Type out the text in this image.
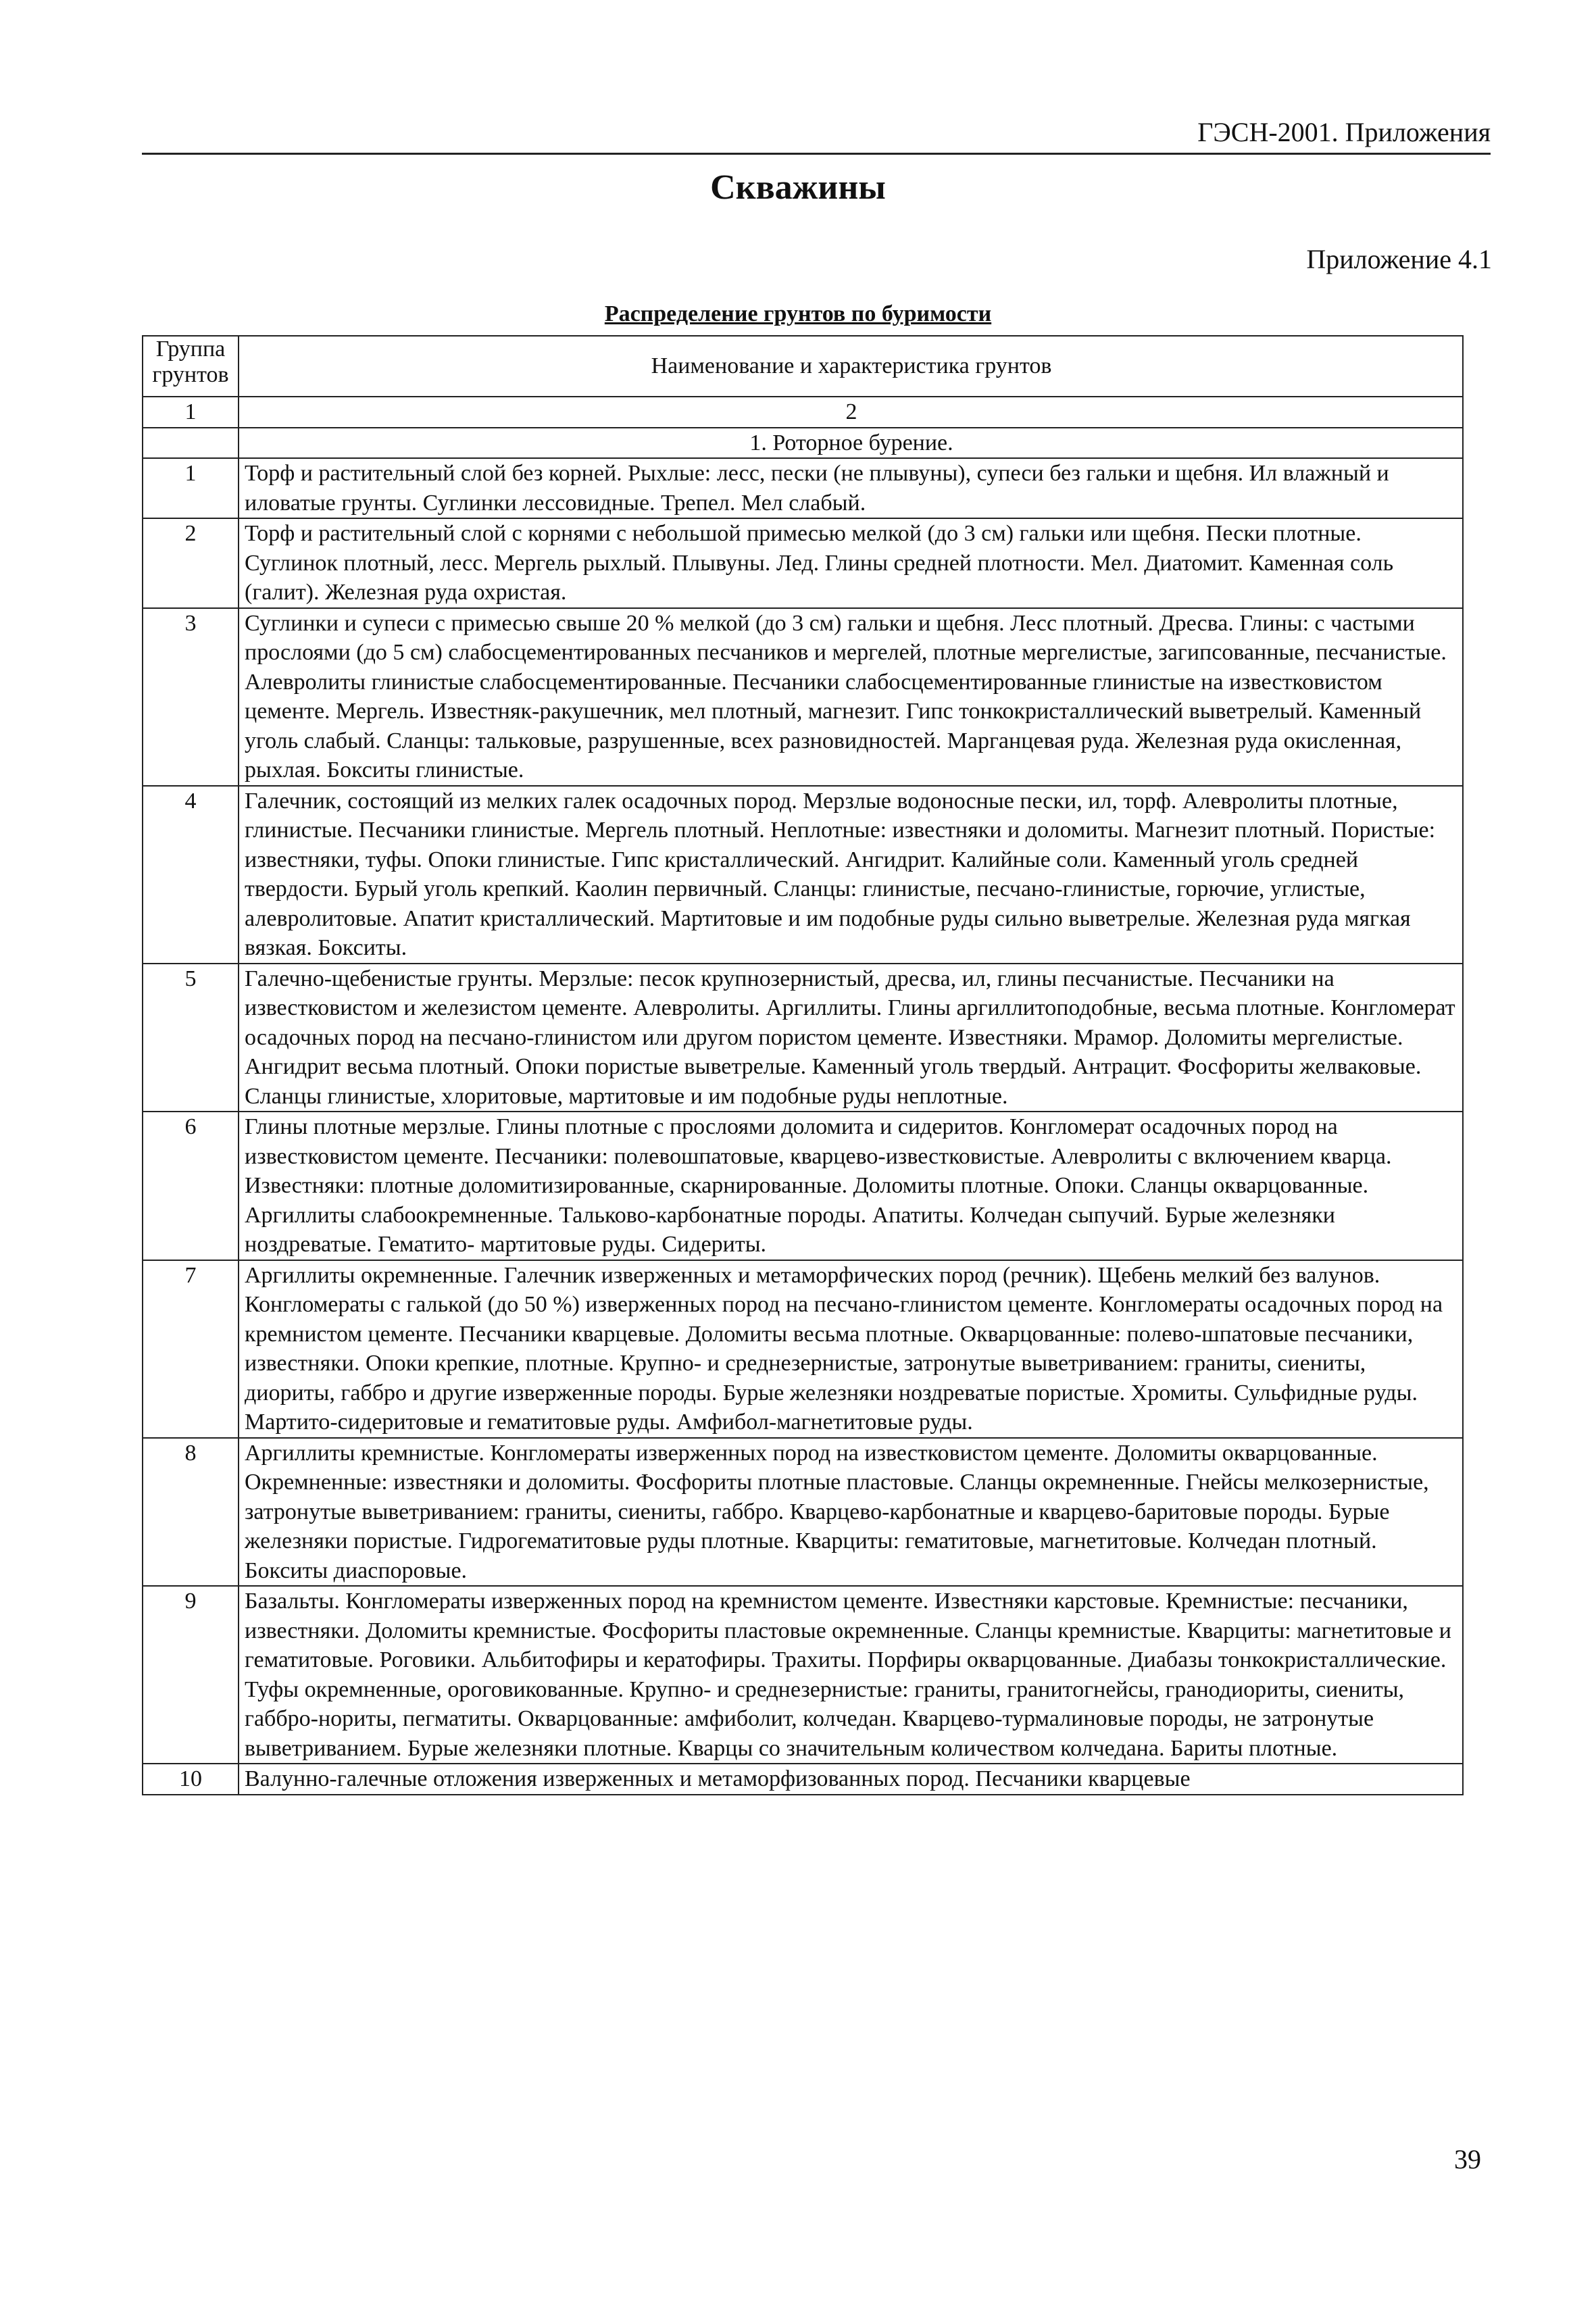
ГЭСН-2001. Приложения
Скважины
Приложение 4.1
Распределение грунтов по буримости
Группа грунтов	Наименование и характеристика грунтов
1	2
	1. Роторное бурение.
1	Торф и растительный слой без корней. Рыхлые: лесс, пески (не плывуны), супеси без гальки и щебня. Ил влажный и иловатые грунты. Суглинки лессовидные. Трепел. Мел слабый.
2	Торф и растительный слой с корнями с небольшой примесью мелкой (до 3 см) гальки или щебня. Пески плотные. Суглинок плотный, лесс. Мергель рыхлый. Плывуны. Лед. Глины средней плотности. Мел. Диатомит. Каменная соль (галит). Железная руда охристая.
3	Суглинки и супеси с примесью свыше 20 % мелкой (до 3 см) гальки и щебня. Лесс плотный. Дресва. Глины: с частыми прослоями (до 5 см) слабосцементированных песчаников и мергелей, плотные мергелистые, загипсованные, песчанистые. Алевролиты глинистые слабосцементированные. Песчаники слабосцементированные глинистые на известковистом цементе. Мергель. Известняк-ракушечник, мел плотный, магнезит. Гипс тонкокристаллический выветрелый. Каменный уголь слабый. Сланцы: тальковые, разрушенные, всех разновидностей. Марганцевая руда. Железная руда окисленная, рыхлая. Бокситы глинистые.
4	Галечник, состоящий из мелких галек осадочных пород. Мерзлые водоносные пески, ил, торф. Алевролиты плотные, глинистые. Песчаники глинистые. Мергель плотный. Неплотные: известняки и доломиты. Магнезит плотный. Пористые: известняки, туфы. Опоки глинистые. Гипс кристаллический. Ангидрит. Калийные соли. Каменный уголь средней твердости. Бурый уголь крепкий. Каолин первичный. Сланцы: глинистые, песчано-глинистые, горючие, углистые, алевролитовые. Апатит кристаллический. Мартитовые и им подобные руды сильно выветрелые. Железная руда мягкая вязкая. Бокситы.
5	Галечно-щебенистые грунты. Мерзлые: песок крупнозернистый, дресва, ил, глины песчанистые. Песчаники на известковистом и железистом цементе. Алевролиты. Аргиллиты. Глины аргиллитоподобные, весьма плотные. Конгломерат осадочных пород на песчано-глинистом или другом пористом цементе. Известняки. Мрамор. Доломиты мергелистые. Ангидрит весьма плотный. Опоки пористые выветрелые. Каменный уголь твердый. Антрацит. Фосфориты желваковые. Сланцы глинистые, хлоритовые, мартитовые и им подобные руды неплотные.
6	Глины плотные мерзлые. Глины плотные с прослоями доломита и сидеритов. Конгломерат осадочных пород на известковистом цементе. Песчаники: полевошпатовые, кварцево-известковистые. Алевролиты с включением кварца. Известняки: плотные доломитизированные, скарнированные. Доломиты плотные. Опоки. Сланцы окварцованные. Аргиллиты слабоокремненные. Тальково-карбонатные породы. Апатиты. Колчедан сыпучий. Бурые железняки ноздреватые. Гематито- мартитовые руды. Сидериты.
7	Аргиллиты окремненные. Галечник изверженных и метаморфических пород (речник). Щебень мелкий без валунов. Конгломераты с галькой (до 50 %) изверженных пород на песчано-глинистом цементе. Конгломераты осадочных пород на кремнистом цементе. Песчаники кварцевые. Доломиты весьма плотные. Окварцованные: полево-шпатовые песчаники, известняки. Опоки крепкие, плотные. Крупно- и среднезернистые, затронутые выветриванием: граниты, сиениты, диориты, габбро и другие изверженные породы. Бурые железняки ноздреватые пористые. Хромиты. Сульфидные руды. Мартито-сидеритовые и гематитовые руды. Амфибол-магнетитовые руды.
8	Аргиллиты кремнистые. Конгломераты изверженных пород на известковистом цементе. Доломиты окварцованные. Окремненные: известняки и доломиты. Фосфориты плотные пластовые. Сланцы окремненные. Гнейсы мелкозернистые, затронутые выветриванием: граниты, сиениты, габбро. Кварцево-карбонатные и кварцево-баритовые породы. Бурые железняки пористые. Гидрогематитовые руды плотные. Кварциты: гематитовые, магнетитовые. Колчедан плотный. Бокситы диаспоровые.
9	Базальты. Конгломераты изверженных пород на кремнистом цементе. Известняки карстовые. Кремнистые: песчаники, известняки. Доломиты кремнистые. Фосфориты пластовые окремненные. Сланцы кремнистые. Кварциты: магнетитовые и гематитовые. Роговики. Альбитофиры и кератофиры. Трахиты. Порфиры окварцованные. Диабазы тонкокристаллические. Туфы окремненные, ороговикованные. Крупно- и среднезернистые: граниты, гранитогнейсы, гранодиориты, сиениты, габбро-нориты, пегматиты. Окварцованные: амфиболит, колчедан. Кварцево-турмалиновые породы, не затронутые выветриванием. Бурые железняки плотные. Кварцы со значительным количеством колчедана. Бариты плотные.
10	Валунно-галечные отложения изверженных и метаморфизованных пород. Песчаники кварцевые
39
